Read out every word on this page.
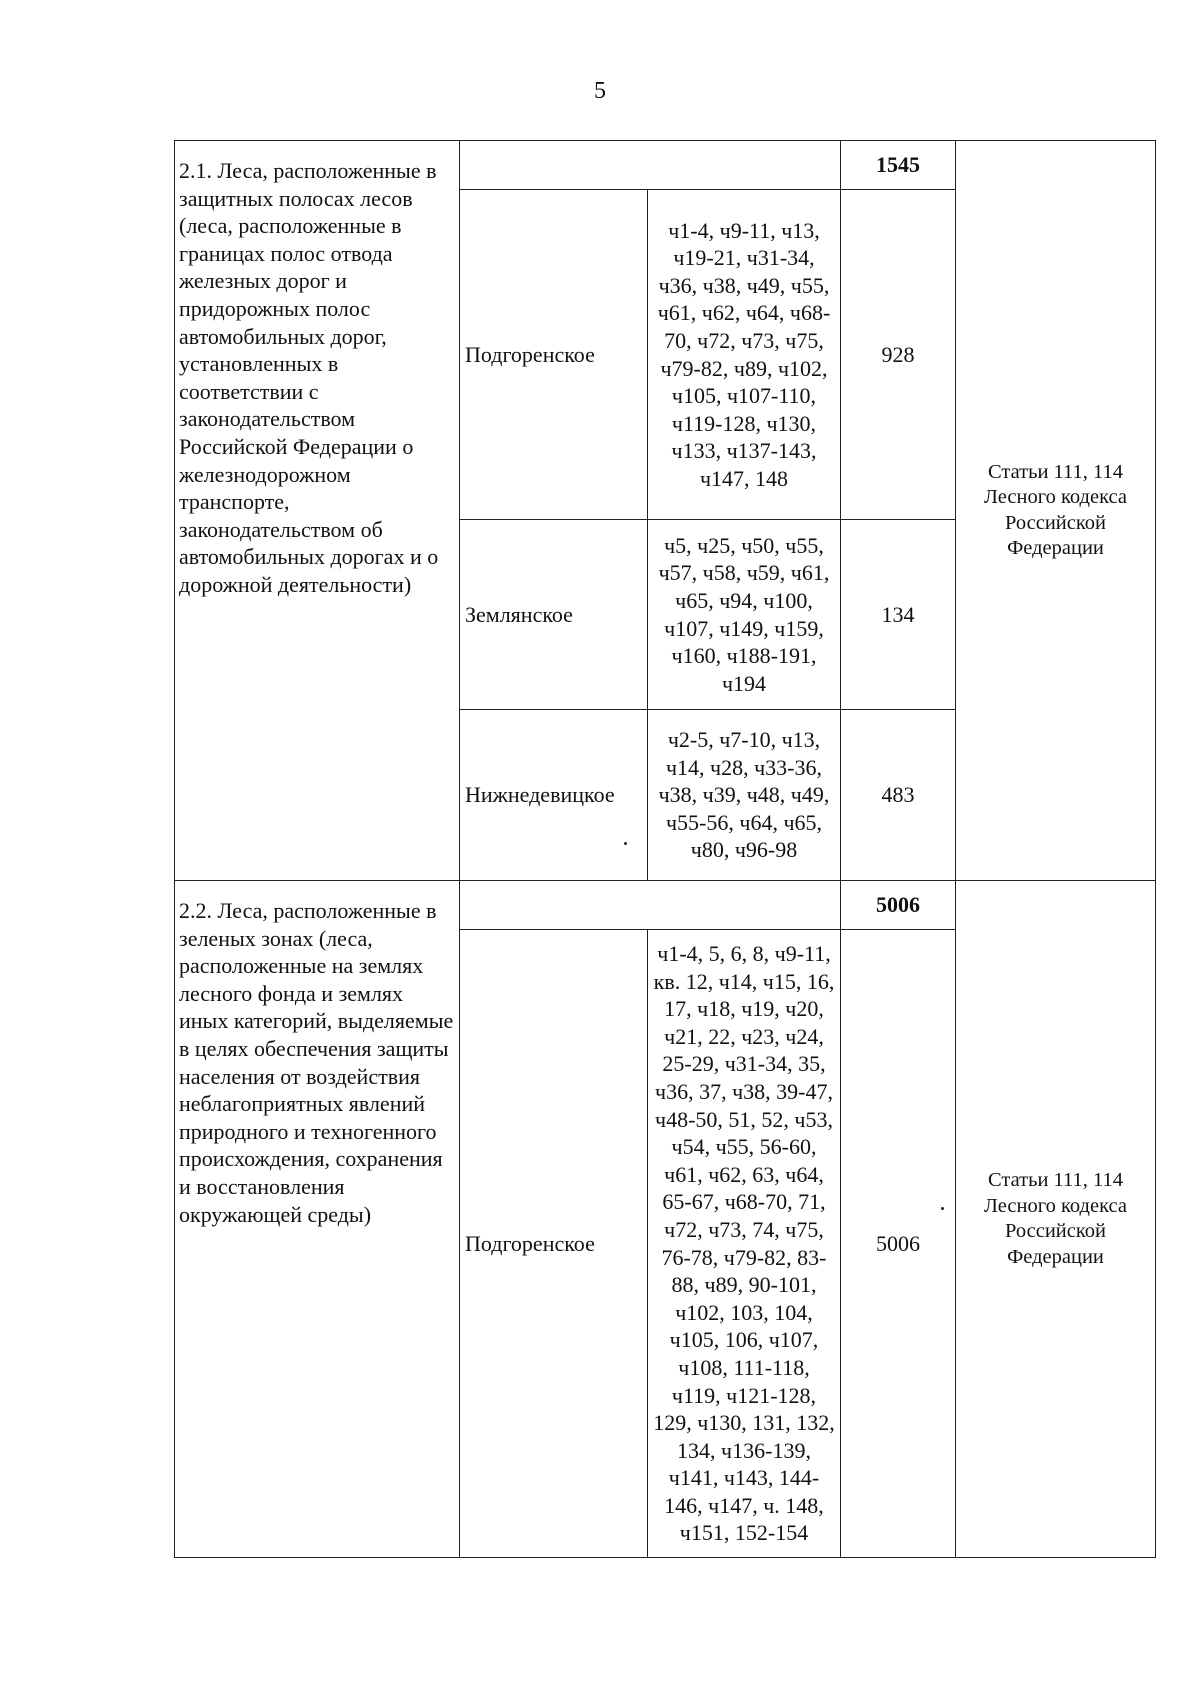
5
2.1. Леса, расположенные в защитных полосах лесов (леса, расположенные в границах полос отвода железных дорог и придорожных полос автомобильных дорог, установленных в соответствии с законодательством Российской Федерации о железнодорожном транспорте, законодательством об автомобильных дорогах и о дорожной деятельности)			1545	Статьи 111, 114 Лесного кодекса Российской Федерации
	Подгоренское	ч1-4, ч9-11, ч13, ч19-21, ч31-34, ч36, ч38, ч49, ч55, ч61, ч62, ч64, ч68-70, ч72, ч73, ч75, ч79-82, ч89, ч102, ч105, ч107-110, ч119-128, ч130, ч133, ч137-143, ч147, 148	928	
	Землянское	ч5, ч25, ч50, ч55, ч57, ч58, ч59, ч61, ч65, ч94, ч100, ч107, ч149, ч159, ч160, ч188-191, ч194	134	
	Нижнедевицкое	ч2-5, ч7-10, ч13, ч14, ч28, ч33-36, ч38, ч39, ч48, ч49, ч55-56, ч64, ч65, ч80, ч96-98	483	

2.2. Леса, расположенные в зеленых зонах (леса, расположенные на землях лесного фонда и землях иных категорий, выделяемые в целях обеспечения защиты населения от воздействия неблагоприятных явлений природного и техногенного происхождения, сохранения и восстановления окружающей среды)			5006	Статьи 111, 114 Лесного кодекса Российской Федерации
	Подгоренское	ч1-4, 5, 6, 8, ч9-11, кв. 12, ч14, ч15, 16, 17, ч18, ч19, ч20, ч21, 22, ч23, ч24, 25-29, ч31-34, 35, ч36, 37, ч38, 39-47, ч48-50, 51, 52, ч53, ч54, ч55, 56-60, ч61, ч62, 63, ч64, 65-67, ч68-70, 71, ч72, ч73, 74, ч75, 76-78, ч79-82, 83-88, ч89, 90-101, ч102, 103, 104, ч105, 106, ч107, ч108, 111-118, ч119, ч121-128, 129, ч130, 131, 132, 134, ч136-139, ч141, ч143, 144-146, ч147, ч. 148, ч151, 152-154	5006	
